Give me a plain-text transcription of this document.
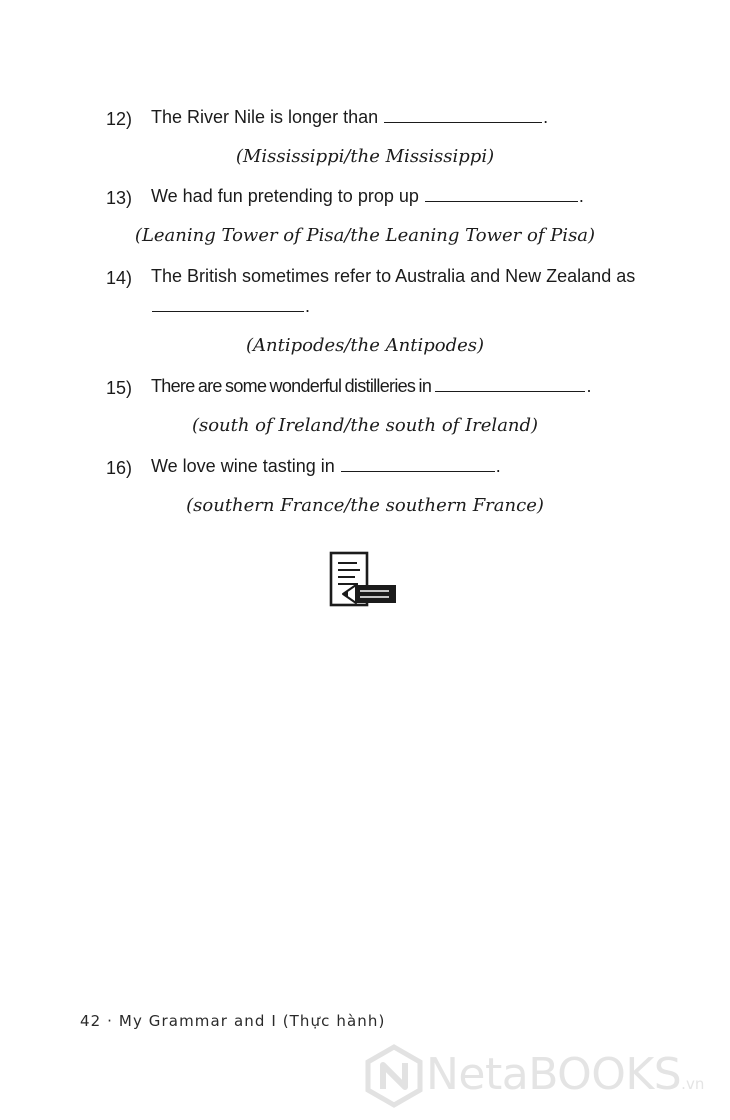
12) The River Nile is longer than	.
(Mississippi/the Mississippi)
13) We had fun pretending to prop up	.
(Leaning Tower of Pisa/the Leaning Tower of Pisa)
14) The British sometimes refer to Australia and New Zealand as .
(Antipodes/the Antipodes)
15) There are some wonderful distilleries in	.
(south of Ireland/the south of Ireland)
16) We love wine tasting in	.
(southern France/the southern France)
42 · My Grammar and I (Thực hành)
NetaBOOKS.vn
